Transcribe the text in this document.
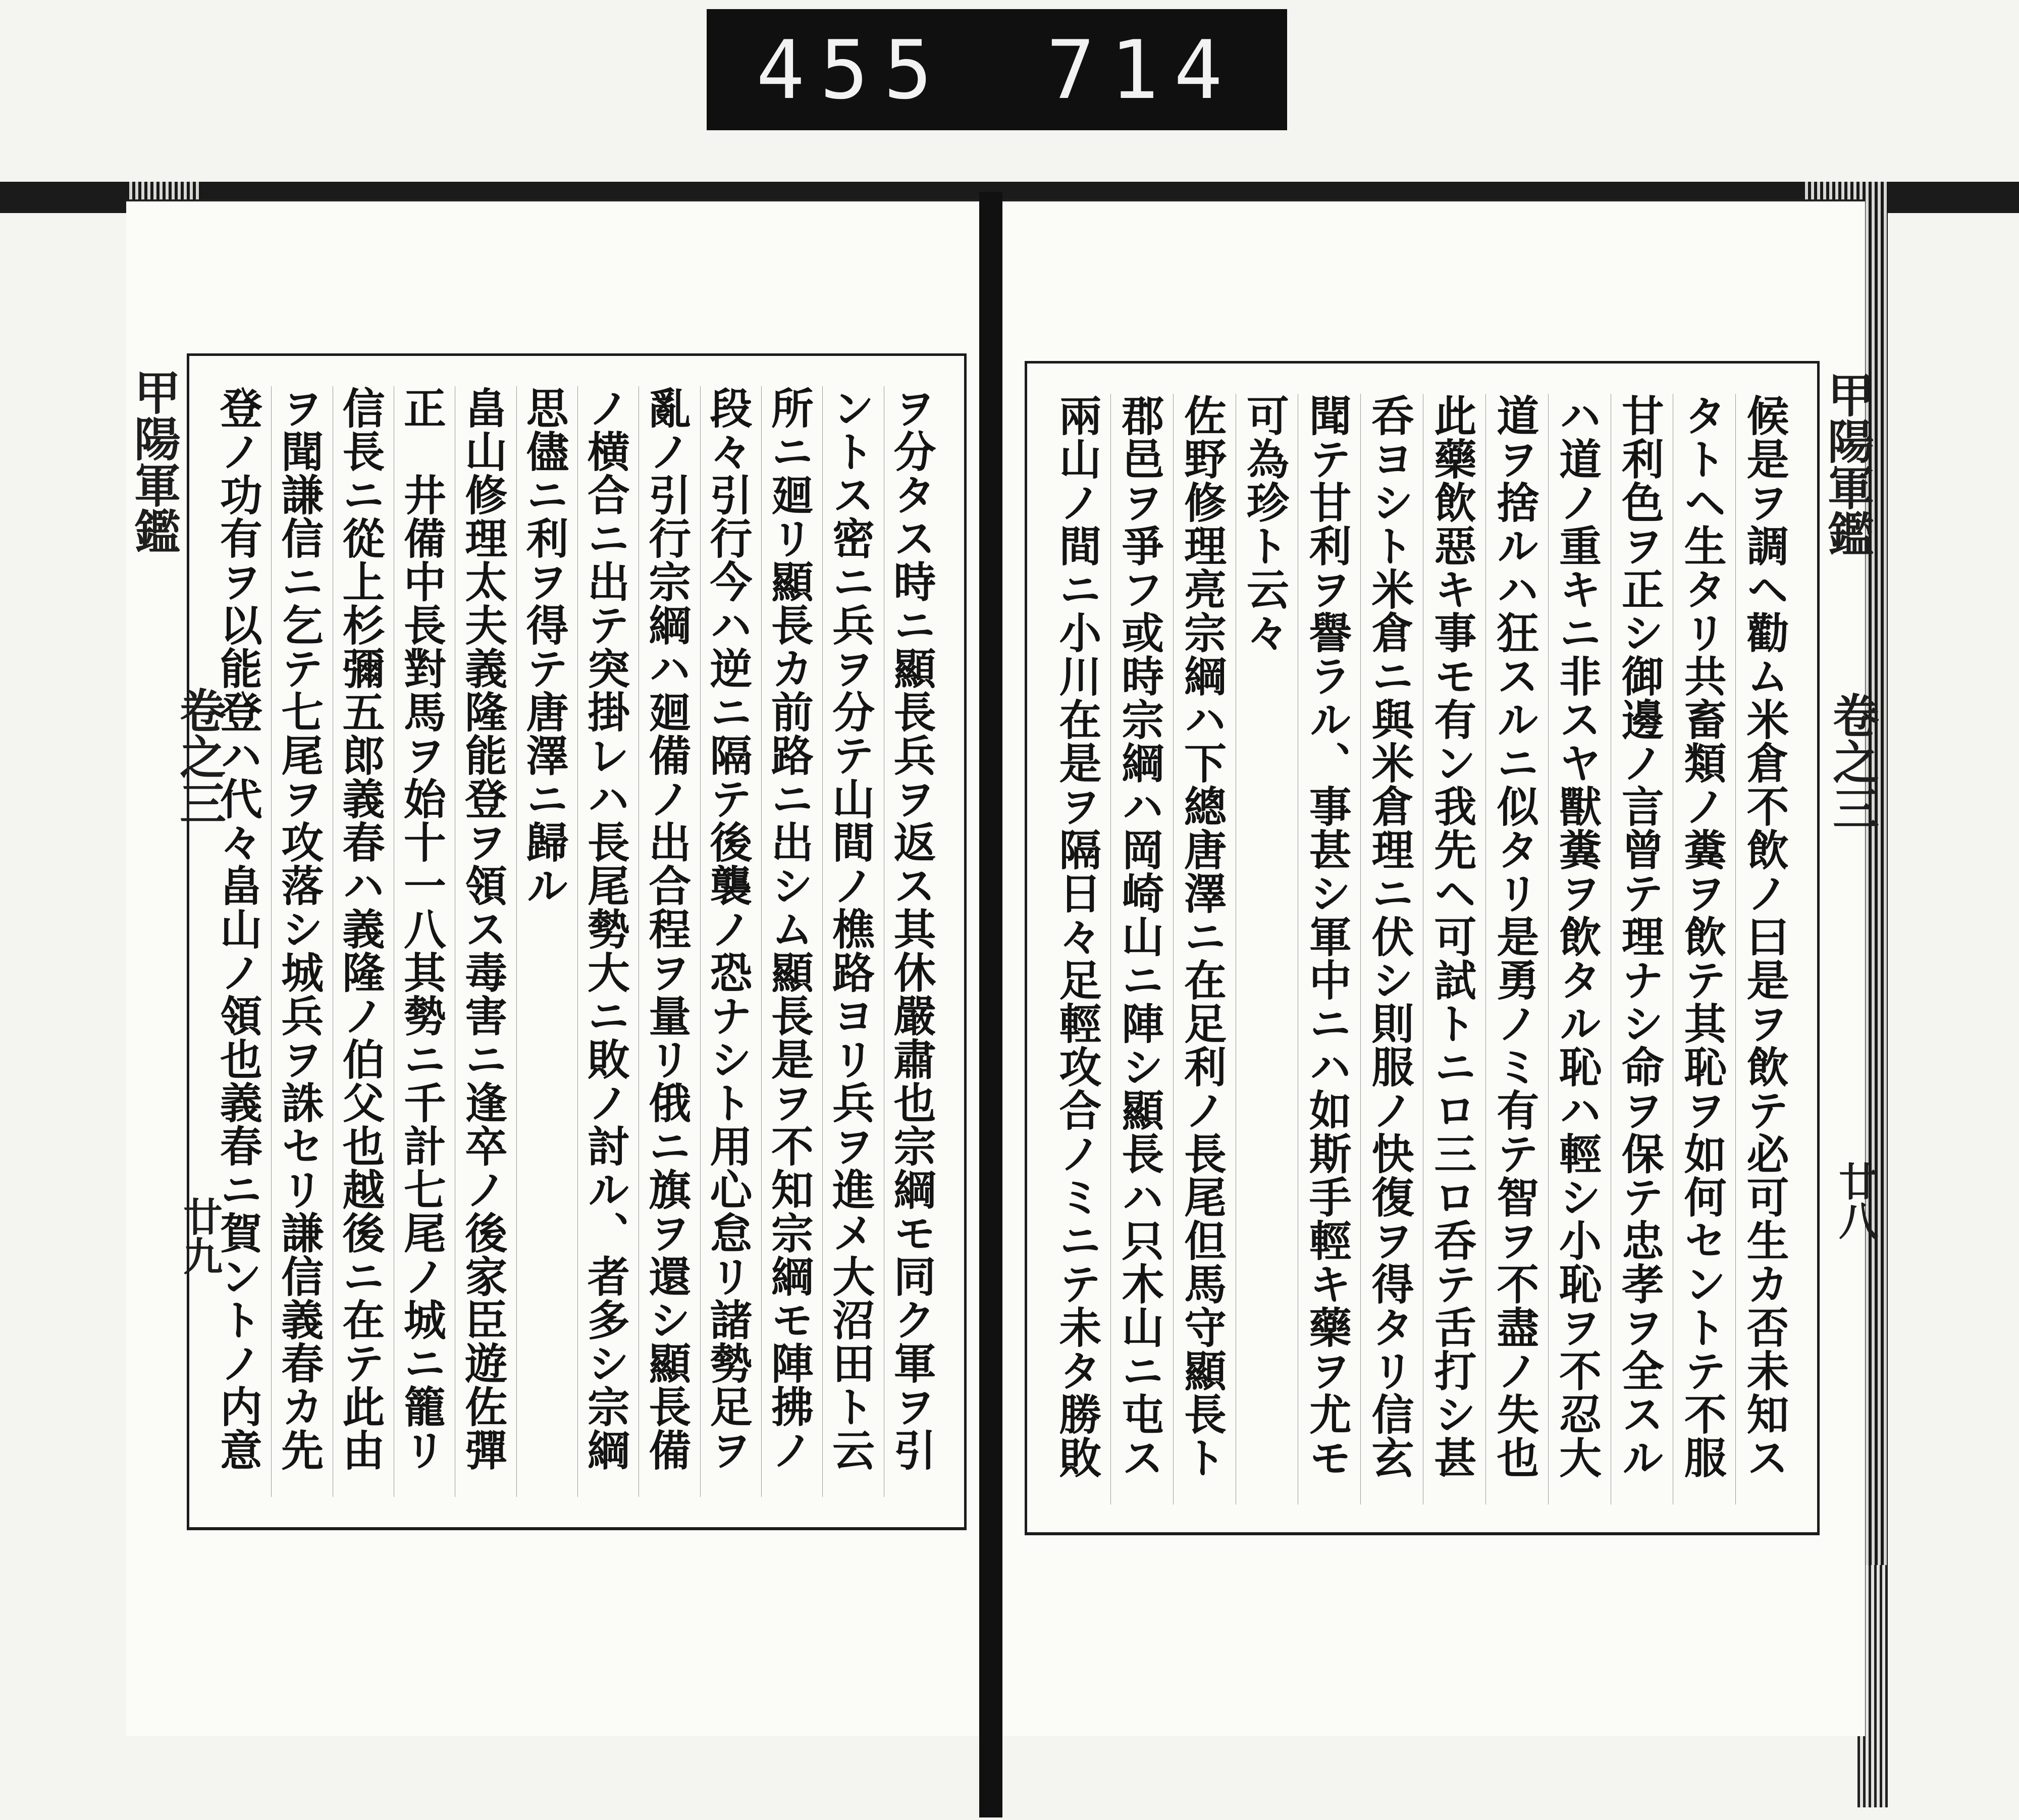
455 714
候是ヲ調ヘ勸ム米倉不飲ノ曰是ヲ飲テ必可生カ否未知ス
タトヘ生タリ共畜類ノ糞ヲ飲テ其恥ヲ如何セントテ不服
甘利色ヲ正シ御邊ノ言曾テ理ナシ命ヲ保テ忠孝ヲ全スル
ハ道ノ重キニ非スヤ獸糞ヲ飲タル恥ハ輕シ小恥ヲ不忍大
道ヲ捨ルハ狂スルニ似タリ是勇ノミ有テ智ヲ不盡ノ失也
此藥飲惡キ事モ有ン我先ヘ可試トニロ三ロ呑テ舌打シ甚
呑ヨシト米倉ニ與米倉理ニ伏シ則服ノ快復ヲ得タリ信玄
聞テ甘利ヲ譽ラル、事甚シ軍中ニハ如斯手輕キ藥ヲ尤モ
可為珍ト云々
佐野修理亮宗綱ハ下總唐澤ニ在足利ノ長尾但馬守顯長ト
郡邑ヲ爭フ或時宗綱ハ岡崎山ニ陣シ顯長ハ只木山ニ屯ス
兩山ノ間ニ小川在是ヲ隔日々足輕攻合ノミニテ未タ勝敗	甲陽軍鑑
卷之三
廿八
ヲ分タス時ニ顯長兵ヲ返ス其休嚴肅也宗綱モ同ク軍ヲ引
ントス密ニ兵ヲ分テ山間ノ樵路ヨリ兵ヲ進メ大沼田ト云
所ニ廻リ顯長カ前路ニ出シム顯長是ヲ不知宗綱モ陣拂ノ
段々引行今ハ逆ニ隔テ後襲ノ恐ナシト用心怠リ諸勢足ヲ
亂ノ引行宗綱ハ廻備ノ出合程ヲ量リ俄ニ旗ヲ還シ顯長備
ノ横合ニ出テ突掛レハ長尾勢大ニ敗ノ討ル、者多シ宗綱
思儘ニ利ヲ得テ唐澤ニ歸ル
畠山修理太夫義隆能登ヲ領ス毒害ニ逢卒ノ後家臣遊佐彈
正　井備中長對馬ヲ始十一八其勢ニ千計七尾ノ城ニ籠リ
信長ニ從上杉彌五郎義春ハ義隆ノ伯父也越後ニ在テ此由
ヲ聞謙信ニ乞テ七尾ヲ攻落シ城兵ヲ誅セリ謙信義春カ先
登ノ功有ヲ以能登ハ代々畠山ノ領也義春ニ賀ントノ内意
甲陽軍鑑
卷之三
廿九
